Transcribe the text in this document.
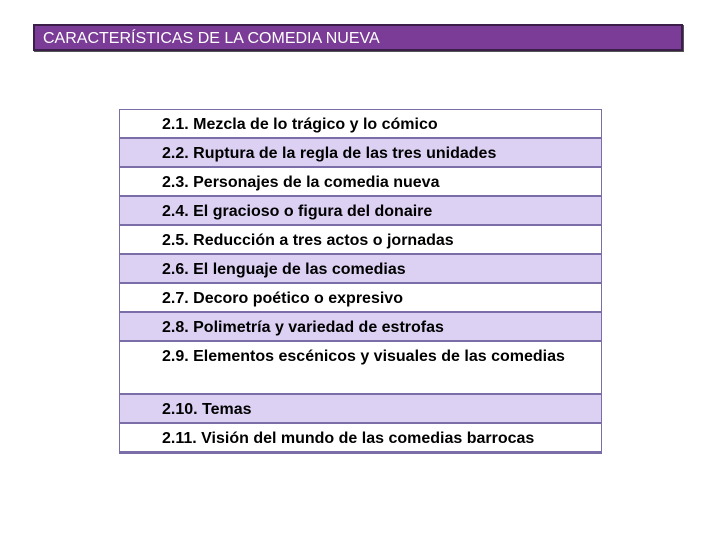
CARACTERÍSTICAS DE LA COMEDIA NUEVA
2.1. Mezcla de lo trágico y lo cómico
2.2. Ruptura de la regla de las tres unidades
2.3. Personajes de la comedia nueva
2.4. El gracioso o figura del donaire
2.5. Reducción a tres actos o jornadas
2.6. El lenguaje de las comedias
2.7. Decoro poético o expresivo
2.8. Polimetría y variedad de estrofas
2.9. Elementos escénicos y visuales de las comedias
2.10. Temas
2.11. Visión del mundo de las comedias barrocas
